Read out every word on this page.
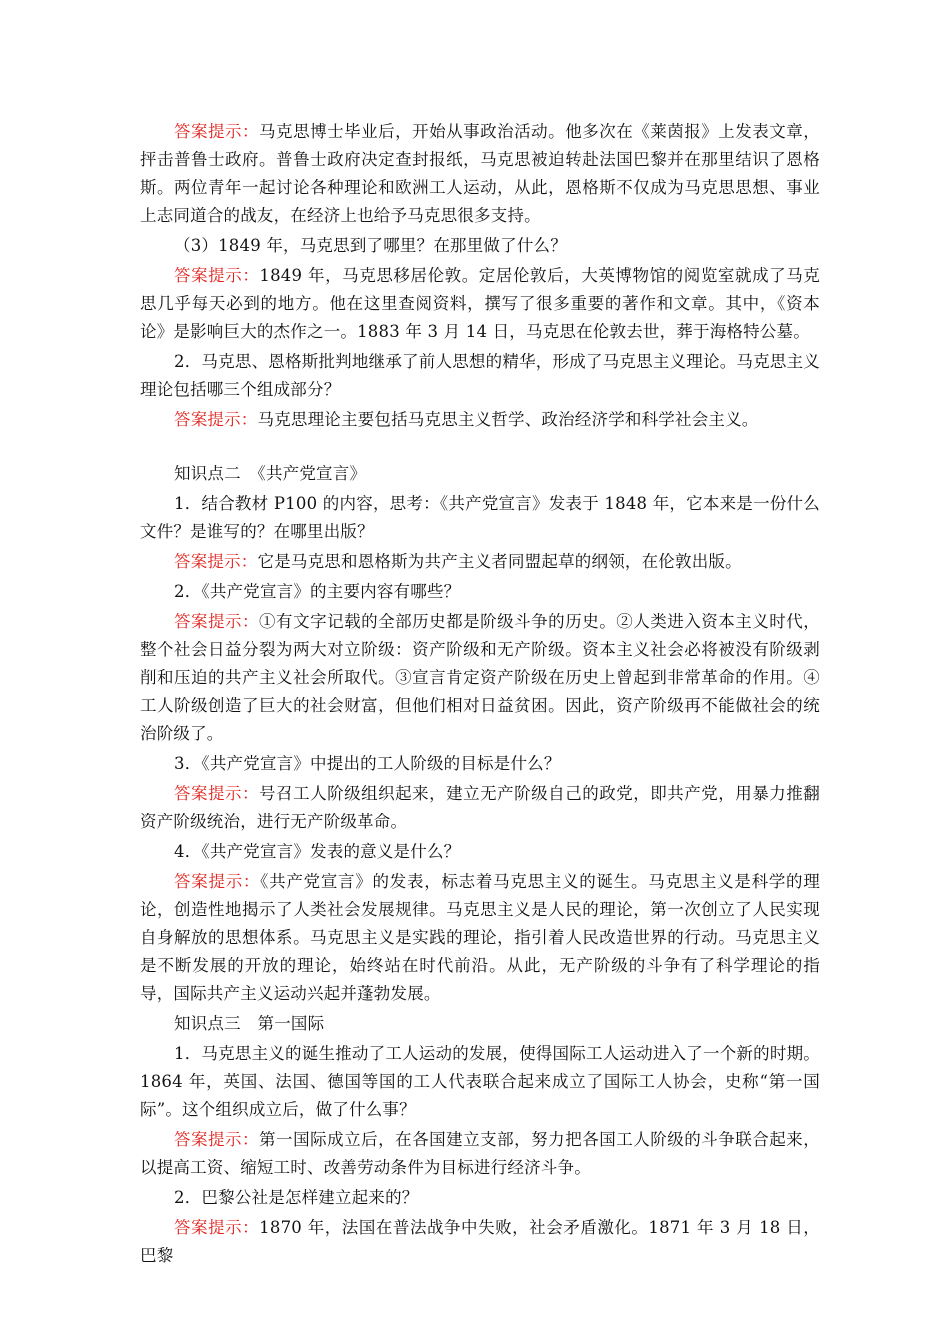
答案提示：马克思博士毕业后，开始从事政治活动。他多次在《莱茵报》上发表文章，抨击普鲁士政府。普鲁士政府决定查封报纸，马克思被迫转赴法国巴黎并在那里结识了恩格斯。两位青年一起讨论各种理论和欧洲工人运动，从此，恩格斯不仅成为马克思思想、事业上志同道合的战友，在经济上也给予马克思很多支持。

（3）1849 年，马克思到了哪里？在那里做了什么？

答案提示：1849 年，马克思移居伦敦。定居伦敦后，大英博物馆的阅览室就成了马克思几乎每天必到的地方。他在这里查阅资料，撰写了很多重要的著作和文章。其中，《资本论》是影响巨大的杰作之一。1883 年 3 月 14 日，马克思在伦敦去世，葬于海格特公墓。

2．马克思、恩格斯批判地继承了前人思想的精华，形成了马克思主义理论。马克思主义理论包括哪三个组成部分？

答案提示：马克思理论主要包括马克思主义哲学、政治经济学和科学社会主义。

知识点二　《共产党宣言》

1．结合教材 P100 的内容，思考：《共产党宣言》发表于 1848 年，它本来是一份什么文件？是谁写的？在哪里出版？

答案提示：它是马克思和恩格斯为共产主义者同盟起草的纲领，在伦敦出版。

2．《共产党宣言》的主要内容有哪些？

答案提示：①有文字记载的全部历史都是阶级斗争的历史。②人类进入资本主义时代，整个社会日益分裂为两大对立阶级：资产阶级和无产阶级。资本主义社会必将被没有阶级剥削和压迫的共产主义社会所取代。③宣言肯定资产阶级在历史上曾起到非常革命的作用。④工人阶级创造了巨大的社会财富，但他们相对日益贫困。因此，资产阶级再不能做社会的统治阶级了。

3．《共产党宣言》中提出的工人阶级的目标是什么？

答案提示：号召工人阶级组织起来，建立无产阶级自己的政党，即共产党，用暴力推翻资产阶级统治，进行无产阶级革命。

4．《共产党宣言》发表的意义是什么？

答案提示：《共产党宣言》的发表，标志着马克思主义的诞生。马克思主义是科学的理论，创造性地揭示了人类社会发展规律。马克思主义是人民的理论，第一次创立了人民实现自身解放的思想体系。马克思主义是实践的理论，指引着人民改造世界的行动。马克思主义是不断发展的开放的理论，始终站在时代前沿。从此，无产阶级的斗争有了科学理论的指导，国际共产主义运动兴起并蓬勃发展。

知识点三　第一国际

1．马克思主义的诞生推动了工人运动的发展，使得国际工人运动进入了一个新的时期。1864 年，英国、法国、德国等国的工人代表联合起来成立了国际工人协会，史称“第一国际”。这个组织成立后，做了什么事？

答案提示：第一国际成立后，在各国建立支部，努力把各国工人阶级的斗争联合起来，以提高工资、缩短工时、改善劳动条件为目标进行经济斗争。

2．巴黎公社是怎样建立起来的？

答案提示：1870 年，法国在普法战争中失败，社会矛盾激化。1871 年 3 月 18 日，巴黎
